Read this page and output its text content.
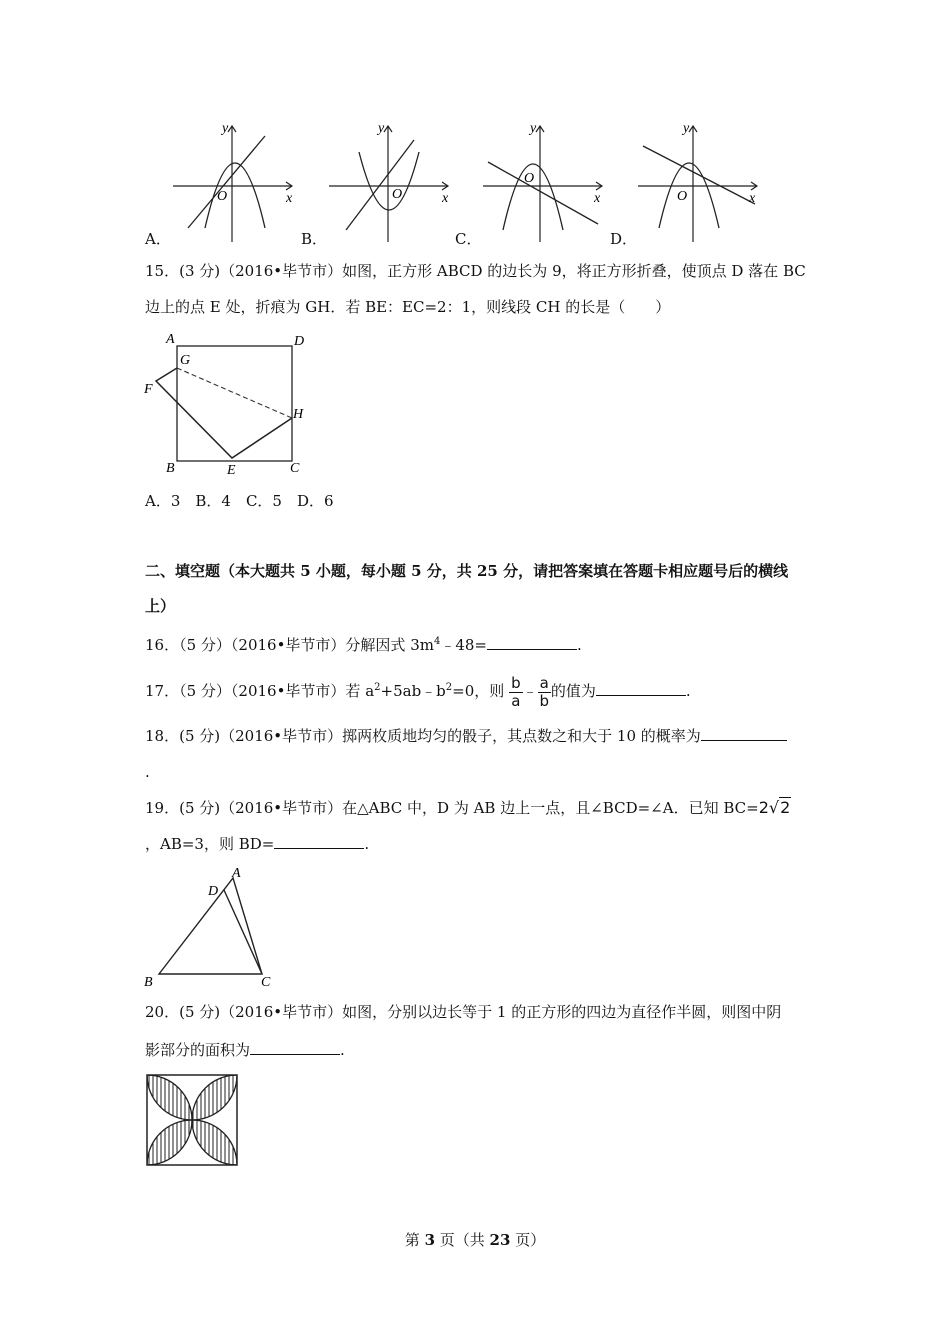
y
x
O
y
x
O
y
x
O
y
x
O
A．	B．	C．	D．
15．(3 分)（2016•毕节市）如图，正方形 ABCD 的边长为 9，将正方形折叠，使顶点 D 落在 BC
边上的点 E 处，折痕为 GH．若 BE：EC=2：1，则线段 CH 的长是（　　）
A	D
G
F
H
B	E	C
A．3　B．4　C．5　D．6
二、填空题（本大题共 5 小题，每小题 5 分，共 25 分，请把答案填在答题卡相应题号后的横线
上）
16．（5 分）（2016•毕节市）分解因式 $3m^4﹣48=$	.
17．（5 分）（2016•毕节市）若 $a^2+5ab﹣b^2=0$，则 $\frac{b}{a}$ ﹣ $\frac{a}{b}$ 的值为	.
18．(5 分)（2016•毕节市）掷两枚质地均匀的骰子，其点数之和大于 10 的概率为
.
19．(5 分)（2016•毕节市）在△ABC 中，D 为 AB 边上一点，且∠BCD=∠A．已知 BC=2√2
，AB=3，则 BD=	.
A
D
B	C
20．(5 分)（2016•毕节市）如图，分别以边长等于 1 的正方形的四边为直径作半圆，则图中阴
影部分的面积为	.
第 3 页（共 23 页）
